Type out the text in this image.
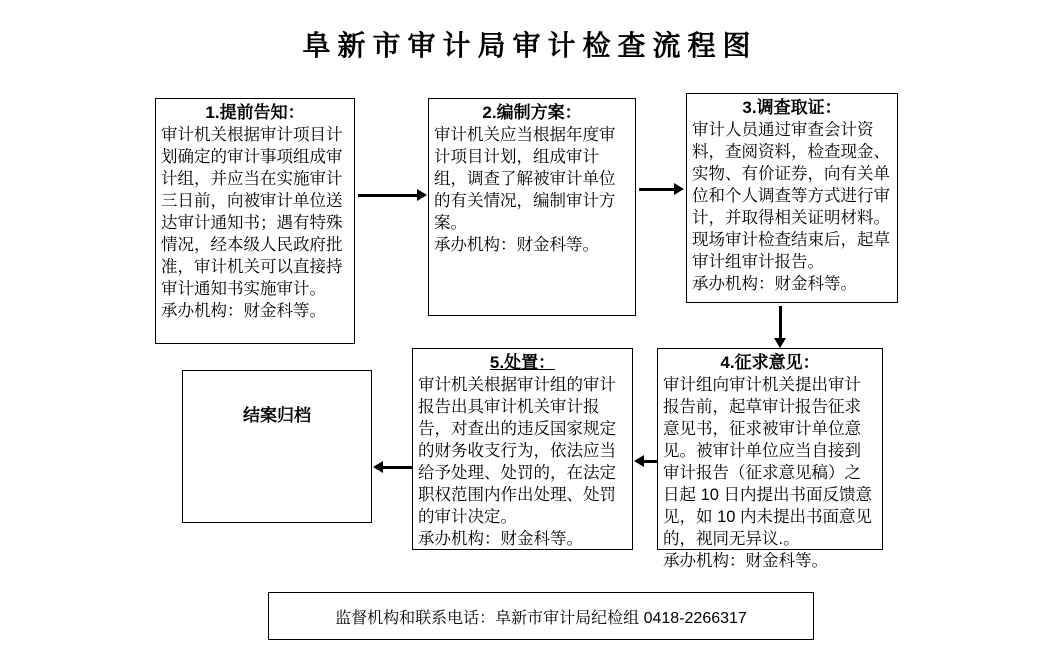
阜新市审计局审计检查流程图
1.提前告知：
审计机关根据审计项目计划确定的审计事项组成审计组，并应当在实施审计三日前，向被审计单位送达审计通知书；遇有特殊情况，经本级人民政府批准，审计机关可以直接持审计通知书实施审计。
承办机构：财金科等。
2.编制方案：
审计机关应当根据年度审计项目计划，组成审计组，调查了解被审计单位的有关情况，编制审计方案。
承办机构：财金科等。
3.调查取证：
审计人员通过审查会计资料，查阅资料，检查现金、实物、有价证券，向有关单位和个人调查等方式进行审计，并取得相关证明材料。现场审计检查结束后，起草审计组审计报告。
承办机构：财金科等。
4.征求意见：
审计组向审计机关提出审计报告前，起草审计报告征求意见书，征求被审计单位意见。被审计单位应当自接到审计报告（征求意见稿）之日起 10 日内提出书面反馈意见，如 10 内未提出书面意见的，视同无异议.。
承办机构：财金科等。
5.处置：
审计机关根据审计组的审计报告出具审计机关审计报告，对查出的违反国家规定的财务收支行为，依法应当给予处理、处罚的，在法定职权范围内作出处理、处罚的审计决定。
承办机构：财金科等。
结案归档
监督机构和联系电话：阜新市审计局纪检组 0418-2266317
